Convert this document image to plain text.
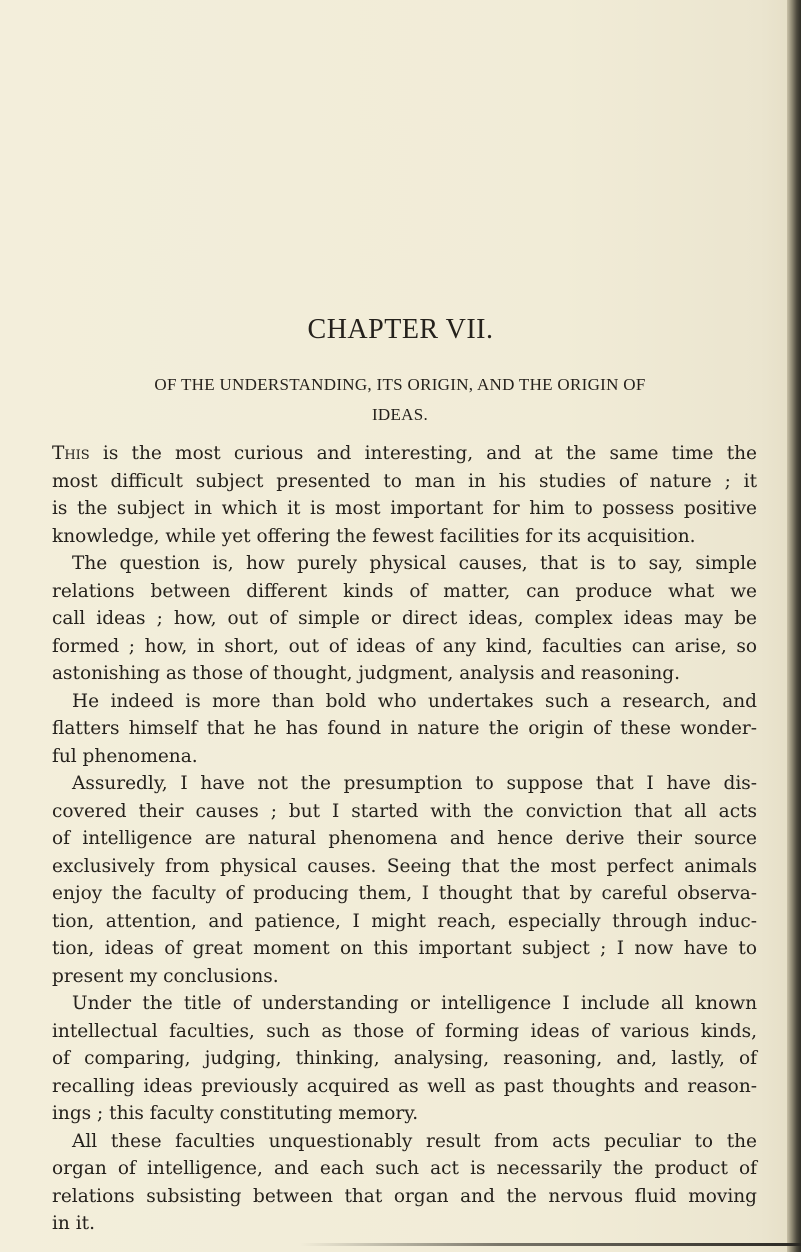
CHAPTER VII.
OF THE UNDERSTANDING, ITS ORIGIN, AND THE ORIGIN OF
IDEAS.
This is the most curious and interesting, and at the same time the
most difficult subject presented to man in his studies of nature ; it
is the subject in which it is most important for him to possess positive
knowledge, while yet offering the fewest facilities for its acquisition.
The question is, how purely physical causes, that is to say, simple
relations between different kinds of matter, can produce what we
call ideas ; how, out of simple or direct ideas, complex ideas may be
formed ; how, in short, out of ideas of any kind, faculties can arise, so
astonishing as those of thought, judgment, analysis and reasoning.
He indeed is more than bold who undertakes such a research, and
flatters himself that he has found in nature the origin of these wonder-
ful phenomena.
Assuredly, I have not the presumption to suppose that I have dis-
covered their causes ; but I started with the conviction that all acts
of intelligence are natural phenomena and hence derive their source
exclusively from physical causes. Seeing that the most perfect animals
enjoy the faculty of producing them, I thought that by careful observa-
tion, attention, and patience, I might reach, especially through induc-
tion, ideas of great moment on this important subject ; I now have to
present my conclusions.
Under the title of understanding or intelligence I include all known
intellectual faculties, such as those of forming ideas of various kinds,
of comparing, judging, thinking, analysing, reasoning, and, lastly, of
recalling ideas previously acquired as well as past thoughts and reason-
ings ; this faculty constituting memory.
All these faculties unquestionably result from acts peculiar to the
organ of intelligence, and each such act is necessarily the product of
relations subsisting between that organ and the nervous fluid moving
in it.
